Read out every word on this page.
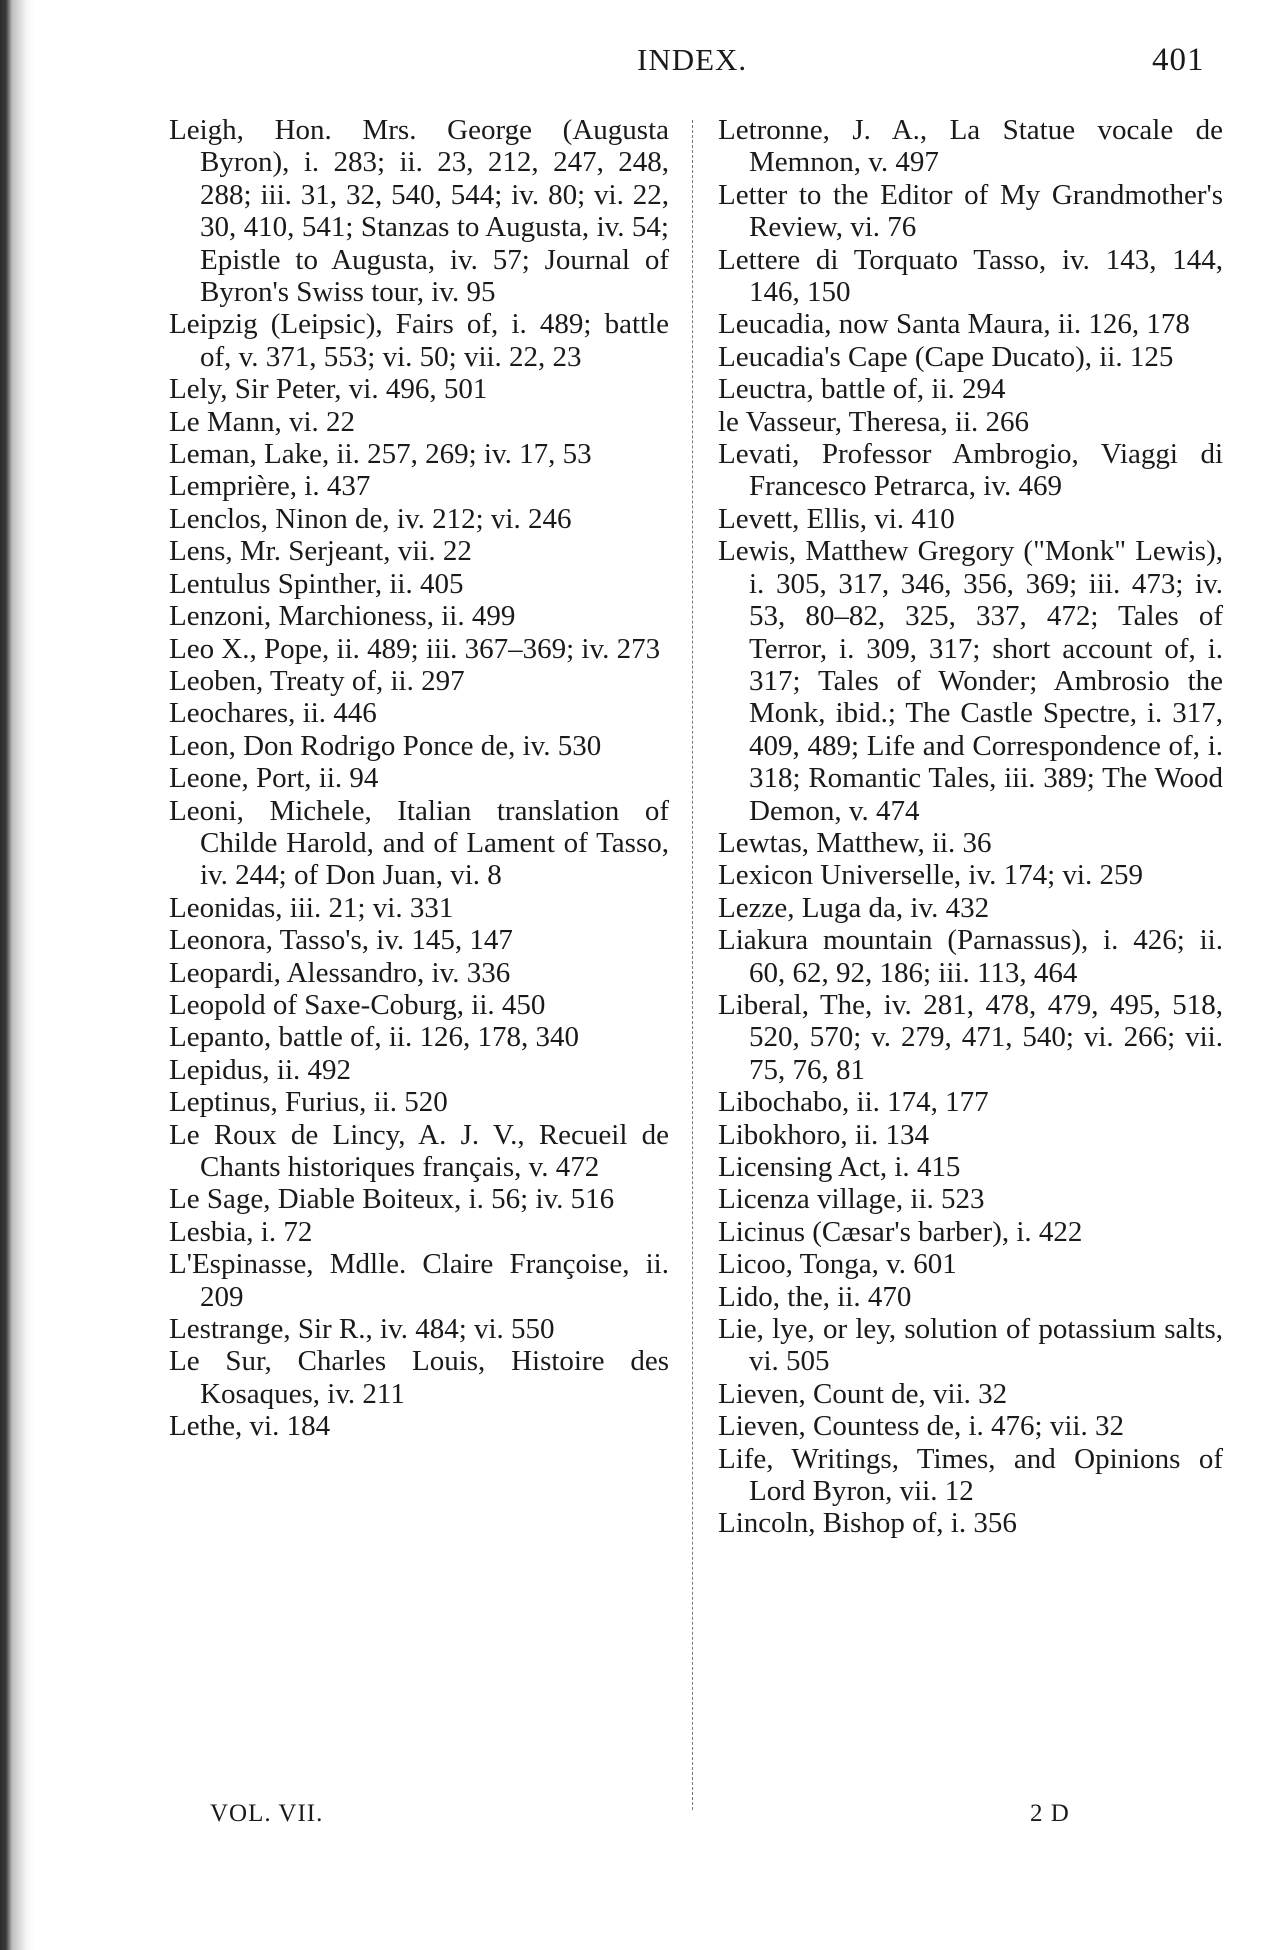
INDEX.	401
Leigh, Hon. Mrs. George (Augusta Byron), i. 283; ii. 23, 212, 247, 248, 288; iii. 31, 32, 540, 544; iv. 80; vi. 22, 30, 410, 541; Stanzas to Augusta, iv. 54; Epistle to Augusta, iv. 57; Journal of Byron's Swiss tour, iv. 95
Leipzig (Leipsic), Fairs of, i. 489; battle of, v. 371, 553; vi. 50; vii. 22, 23
Lely, Sir Peter, vi. 496, 501
Le Mann, vi. 22
Leman, Lake, ii. 257, 269; iv. 17, 53
Lemprière, i. 437
Lenclos, Ninon de, iv. 212; vi. 246
Lens, Mr. Serjeant, vii. 22
Lentulus Spinther, ii. 405
Lenzoni, Marchioness, ii. 499
Leo X., Pope, ii. 489; iii. 367–369; iv. 273
Leoben, Treaty of, ii. 297
Leochares, ii. 446
Leon, Don Rodrigo Ponce de, iv. 530
Leone, Port, ii. 94
Leoni, Michele, Italian translation of Childe Harold, and of Lament of Tasso, iv. 244; of Don Juan, vi. 8
Leonidas, iii. 21; vi. 331
Leonora, Tasso's, iv. 145, 147
Leopardi, Alessandro, iv. 336
Leopold of Saxe-Coburg, ii. 450
Lepanto, battle of, ii. 126, 178, 340
Lepidus, ii. 492
Leptinus, Furius, ii. 520
Le Roux de Lincy, A. J. V., Recueil de Chants historiques français, v. 472
Le Sage, Diable Boiteux, i. 56; iv. 516
Lesbia, i. 72
L'Espinasse, Mdlle. Claire Françoise, ii. 209
Lestrange, Sir R., iv. 484; vi. 550
Le Sur, Charles Louis, Histoire des Kosaques, iv. 211
Lethe, vi. 184
Letronne, J. A., La Statue vocale de Memnon, v. 497
Letter to the Editor of My Grandmother's Review, vi. 76
Lettere di Torquato Tasso, iv. 143, 144, 146, 150
Leucadia, now Santa Maura, ii. 126, 178
Leucadia's Cape (Cape Ducato), ii. 125
Leuctra, battle of, ii. 294
le Vasseur, Theresa, ii. 266
Levati, Professor Ambrogio, Viaggi di Francesco Petrarca, iv. 469
Levett, Ellis, vi. 410
Lewis, Matthew Gregory ("Monk" Lewis), i. 305, 317, 346, 356, 369; iii. 473; iv. 53, 80–82, 325, 337, 472; Tales of Terror, i. 309, 317; short account of, i. 317; Tales of Wonder; Ambrosio the Monk, ibid.; The Castle Spectre, i. 317, 409, 489; Life and Correspondence of, i. 318; Romantic Tales, iii. 389; The Wood Demon, v. 474
Lewtas, Matthew, ii. 36
Lexicon Universelle, iv. 174; vi. 259
Lezze, Luga da, iv. 432
Liakura mountain (Parnassus), i. 426; ii. 60, 62, 92, 186; iii. 113, 464
Liberal, The, iv. 281, 478, 479, 495, 518, 520, 570; v. 279, 471, 540; vi. 266; vii. 75, 76, 81
Libochabo, ii. 174, 177
Libokhoro, ii. 134
Licensing Act, i. 415
Licenza village, ii. 523
Licinus (Cæsar's barber), i. 422
Licoo, Tonga, v. 601
Lido, the, ii. 470
Lie, lye, or ley, solution of potassium salts, vi. 505
Lieven, Count de, vii. 32
Lieven, Countess de, i. 476; vii. 32
Life, Writings, Times, and Opinions of Lord Byron, vii. 12
Lincoln, Bishop of, i. 356
VOL. VII.	2 D
